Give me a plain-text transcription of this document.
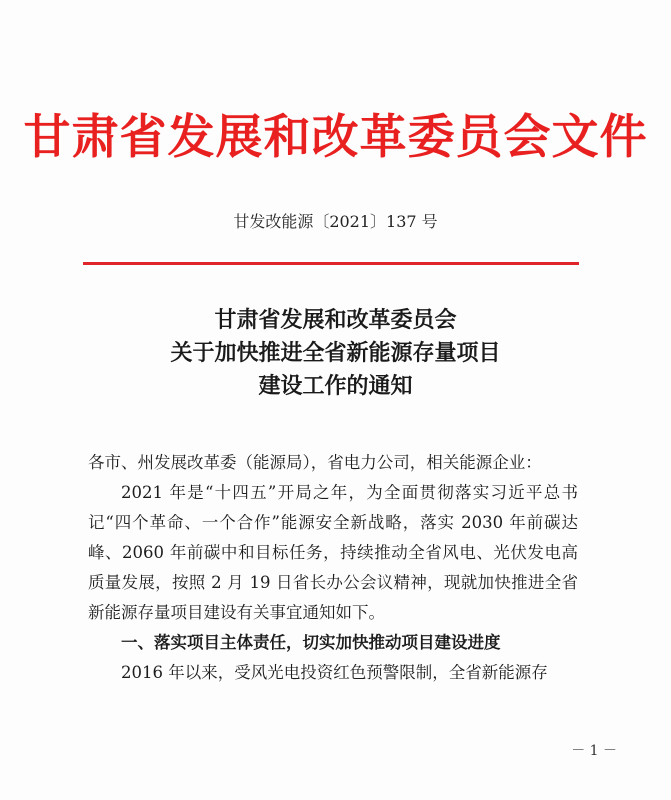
甘肃省发展和改革委员会文件
甘发改能源〔2021〕137 号
甘肃省发展和改革委员会
关于加快推进全省新能源存量项目
建设工作的通知

各市、州发展改革委（能源局），省电力公司，相关能源企业：

2021 年是“十四五”开局之年，为全面贯彻落实习近平总书记“四个革命、一个合作”能源安全新战略，落实 2030 年前碳达峰、2060 年前碳中和目标任务，持续推动全省风电、光伏发电高质量发展，按照 2 月 19 日省长办公会议精神，现就加快推进全省新能源存量项目建设有关事宜通知如下。

一、落实项目主体责任，切实加快推动项目建设进度

2016 年以来，受风光电投资红色预警限制，全省新能源存

－ 1 －
